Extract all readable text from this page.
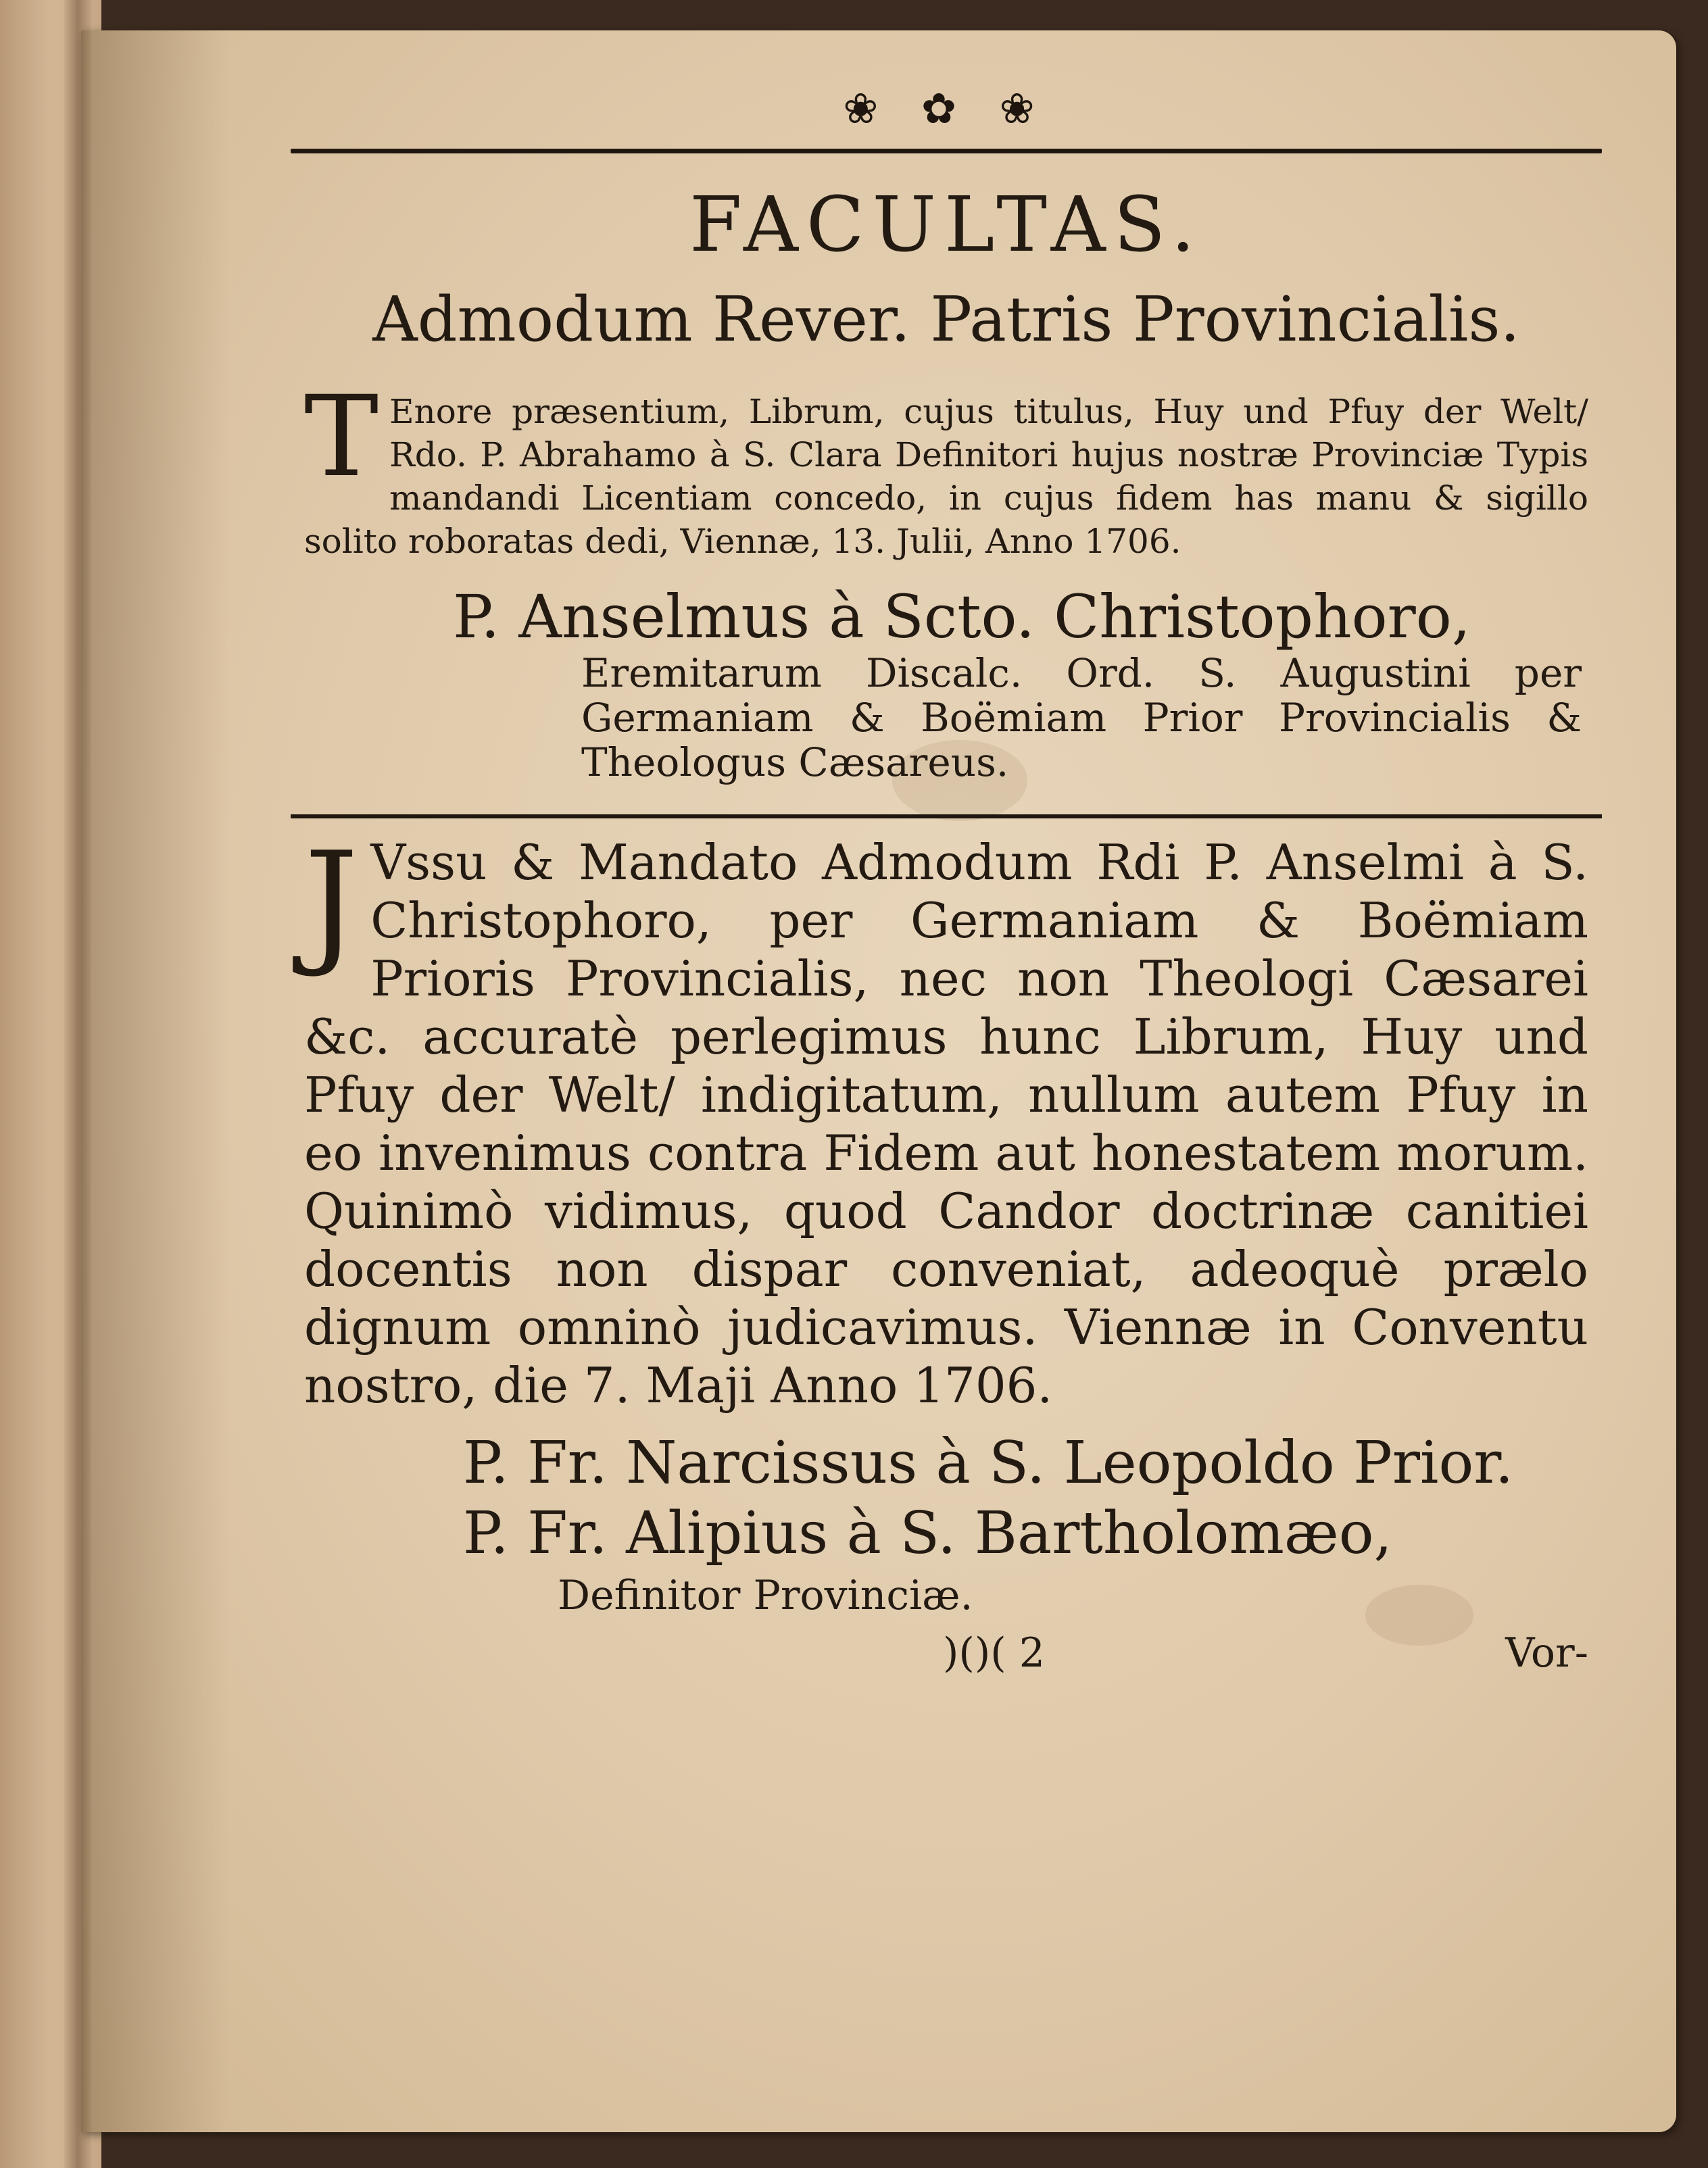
❀ ✿ ❀
FACULTAS.
Admodum Rever. Patris Provincialis.
T Enore præsentium, Librum, cujus titulus, Huy und Pfuy der Welt/ Rdo. P. Abrahamo à S. Clara Definitori hujus nostræ Provinciæ Typis mandandi Licentiam concedo, in cujus fidem has manu & sigillo solito roboratas dedi, Viennæ, 13. Julii, Anno 1706.
P. Anselmus à Scto. Christophoro,
Eremitarum Discalc. Ord. S. Augustini per Germaniam & Boëmiam Prior Provincialis & Theologus Cæsareus.
J Vssu & Mandato Admodum Rdi P. Anselmi à S. Christophoro, per Germaniam & Boëmiam Prioris Provincialis, nec non Theologi Cæsarei &c. accuratè perlegimus hunc Librum, Huy und Pfuy der Welt/ indigitatum, nullum autem Pfuy in eo invenimus contra Fidem aut honestatem morum. Quinimò vidimus, quod Candor doctrinæ canitiei docentis non dispar conveniat, adeoquè prælo dignum omninò judicavimus. Viennæ in Conventu nostro, die 7. Maji Anno 1706.
P. Fr. Narcissus à S. Leopoldo Prior.
P. Fr. Alipius à S. Bartholomæo,
Definitor Provinciæ.
)()( 2	Vor-
